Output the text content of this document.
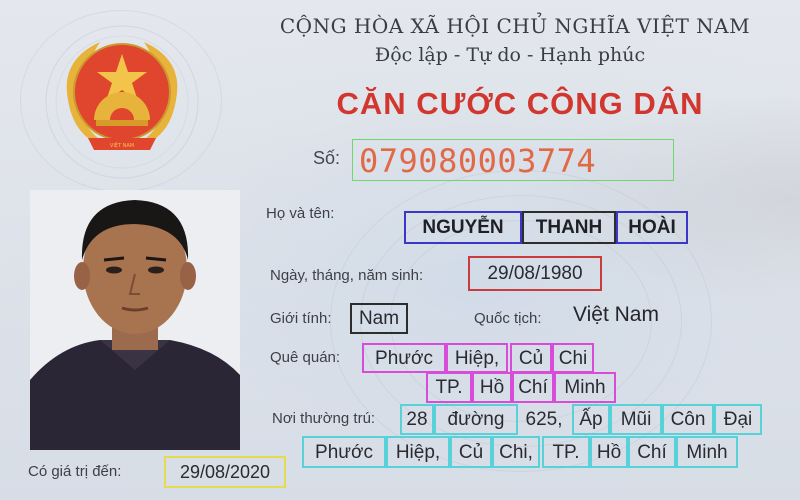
VIỆT NAM
CỘNG HÒA XÃ HỘI CHỦ NGHĨA VIỆT NAM
Độc lập - Tự do - Hạnh phúc
CĂN CƯỚC CÔNG DÂN
Số: 079080003774
Họ và tên:
NGUYỄN	THANH	HOÀI
Ngày, tháng, năm sinh:	29/08/1980
Giới tính:	Nam	Quốc tịch: Việt Nam
Quê quán:	Phước	Hiệp,	Củ Chi
TP. Hồ Chí Minh
Nơi thường trú:	28	đường	625, Ấp Mũi	Côn Đại
Phước	Hiệp, Củ Chi,	TP. Hồ Chí	Minh
Có giá trị đến:	29/08/2020
